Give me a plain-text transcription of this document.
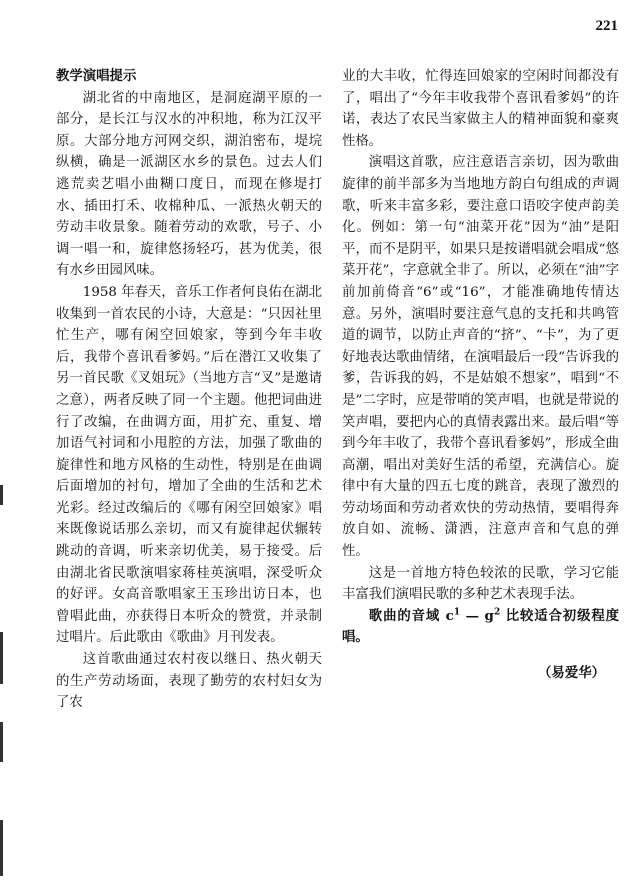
221

教学演唱提示

湖北省的中南地区，是洞庭湖平原的一部分，是长江与汉水的冲积地，称为江汉平原。大部分地方河网交织，湖泊密布，堤垸纵横，确是一派湖区水乡的景色。过去人们逃荒卖艺唱小曲糊口度日，而现在修堤打水、插田打禾、收棉种瓜、一派热火朝天的劳动丰收景象。随着劳动的欢歌，号子、小调一唱一和，旋律悠扬轻巧，甚为优美，很有水乡田园风味。

1958 年春天，音乐工作者何良佑在湖北收集到一首农民的小诗，大意是：“只因社里忙生产，哪有闲空回娘家，等到今年丰收后，我带个喜讯看爹妈。”后在潜江又收集了另一首民歌《叉姐玩》（当地方言“叉”是邀请之意），两者反映了同一个主题。他把词曲进行了改编，在曲调方面，用扩充、重复、增加语气衬词和小甩腔的方法，加强了歌曲的旋律性和地方风格的生动性，特别是在曲调后面增加的衬句，增加了全曲的生活和艺术光彩。经过改编后的《哪有闲空回娘家》唱来既像说话那么亲切，而又有旋律起伏辗转跳动的音调，听来亲切优美，易于接受。后由湖北省民歌演唱家蒋桂英演唱，深受听众的好评。女高音歌唱家王玉珍出访日本，也曾唱此曲，亦获得日本听众的赞赏，并录制过唱片。后此歌由《歌曲》月刊发表。

这首歌曲通过农村夜以继日、热火朝天的生产劳动场面，表现了勤劳的农村妇女为了农

业的大丰收，忙得连回娘家的空闲时间都没有了，唱出了“今年丰收我带个喜讯看爹妈”的许诺，表达了农民当家做主人的精神面貌和豪爽性格。

演唱这首歌，应注意语言亲切，因为歌曲旋律的前半部多为当地地方韵白句组成的声调歌，听来丰富多彩，要注意口语咬字使声韵美化。例如：第一句“油菜开花”因为“油”是阳平，而不是阴平，如果只是按谱唱就会唱成“悠菜开花”，字意就全非了。所以，必须在“油”字前加前倚音“6”或“16”，才能准确地传情达意。另外，演唱时要注意气息的支托和共鸣管道的调节，以防止声音的“挤”、“卡”，为了更好地表达歌曲情绪，在演唱最后一段“告诉我的爹，告诉我的妈，不是姑娘不想家”，唱到“不是”二字时，应是带哨的笑声唱，也就是带说的笑声唱，要把内心的真情表露出来。最后唱“等到今年丰收了，我带个喜讯看爹妈”，形成全曲高潮，唱出对美好生活的希望，充满信心。旋律中有大量的四五七度的跳音，表现了激烈的劳动场面和劳动者欢快的劳动热情，要唱得奔放自如、流畅、潇洒，注意声音和气息的弹性。

这是一首地方特色较浓的民歌，学习它能丰富我们演唱民歌的多种艺术表现手法。

歌曲的音域 $c^1$ — $g^2$ 比较适合初级程度唱。

（易爱华）
